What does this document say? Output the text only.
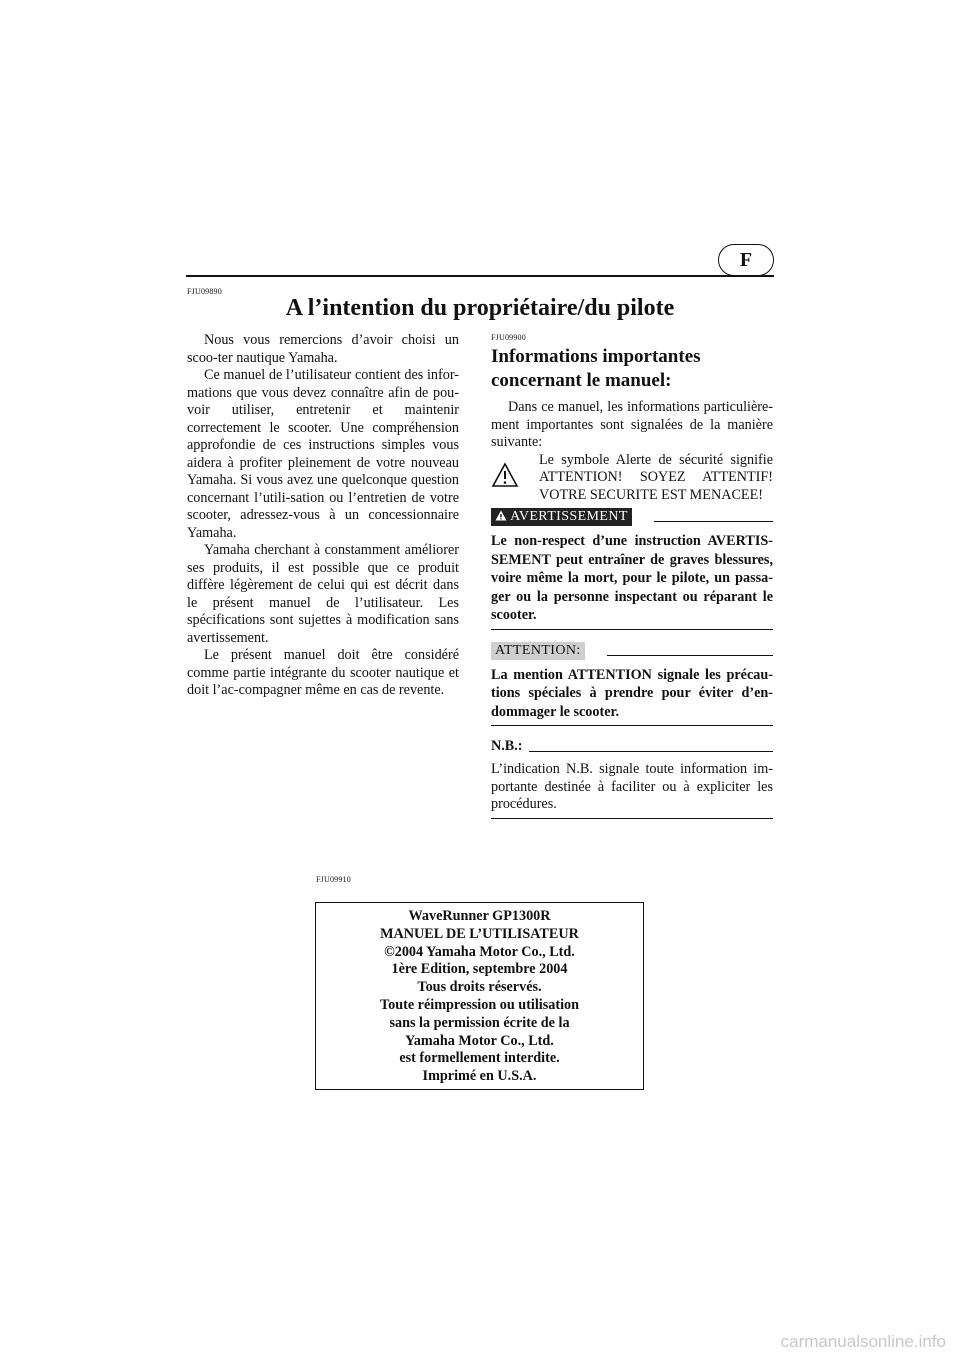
F
FJU09890
A l’intention du propriétaire/du pilote

Nous vous remercions d’avoir choisi un scoo-ter nautique Yamaha.

Ce manuel de l’utilisateur contient des infor-mations que vous devez connaître afin de pou-voir utiliser, entretenir et maintenir correctement le scooter. Une compréhension approfondie de ces instructions simples vous aidera à profiter pleinement de votre nouveau Yamaha. Si vous avez une quelconque question concernant l’utili-sation ou l’entretien de votre scooter, adressez-vous à un concessionnaire Yamaha.

Yamaha cherchant à constamment améliorer ses produits, il est possible que ce produit diffère légèrement de celui qui est décrit dans le présent manuel de l’utilisateur. Les spécifications sont sujettes à modification sans avertissement.

Le présent manuel doit être considéré comme partie intégrante du scooter nautique et doit l’ac-compagner même en cas de revente.

FJU09900
Informations importantes concernant le manuel:

Dans ce manuel, les informations particulière-ment importantes sont signalées de la manière suivante:

Le symbole Alerte de sécurité signifie ATTENTION! SOYEZ ATTENTIF! VOTRE SECURITE EST MENACEE!
AVERTISSEMENT

Le non-respect d’une instruction AVERTIS-SEMENT peut entraîner de graves blessures, voire même la mort, pour le pilote, un passa-ger ou la personne inspectant ou réparant le scooter.

ATTENTION:

La mention ATTENTION signale les précau-tions spéciales à prendre pour éviter d’en-dommager le scooter.

N.B.:

L’indication N.B. signale toute information im-portante destinée à faciliter ou à expliciter les procédures.

FJU09910
WaveRunner GP1300R
MANUEL DE L’UTILISATEUR
©2004 Yamaha Motor Co., Ltd.
1ère Edition, septembre 2004
Tous droits réservés.
Toute réimpression ou utilisation
sans la permission écrite de la
Yamaha Motor Co., Ltd.
est formellement interdite.
Imprimé en U.S.A.
carmanualsonline.info
